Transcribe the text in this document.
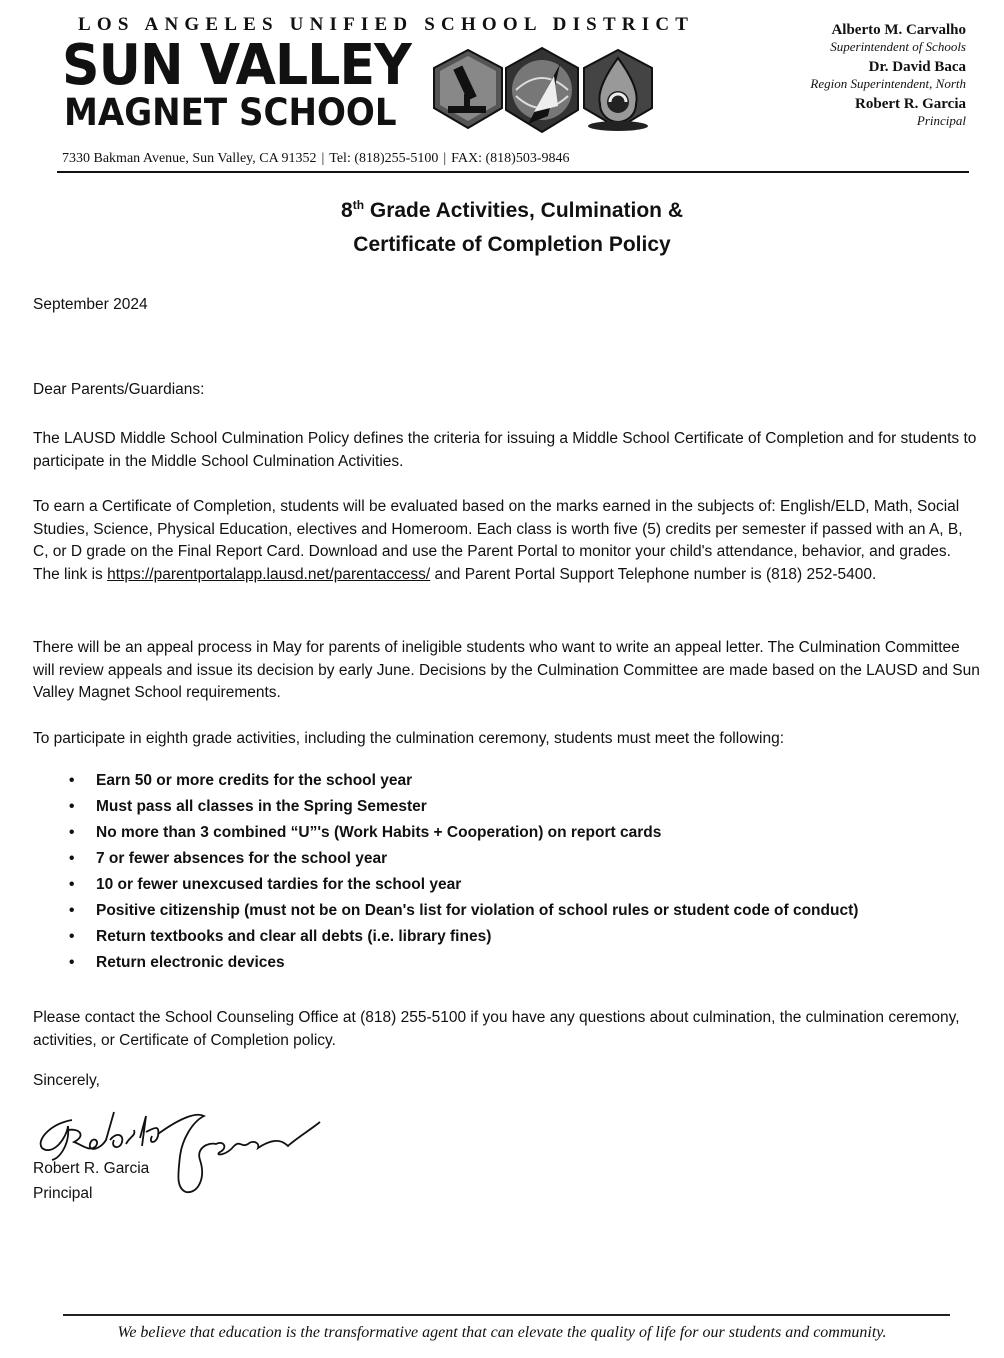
LOS ANGELES UNIFIED SCHOOL DISTRICT
SUN VALLEY
MAGNET SCHOOL
7330 Bakman Avenue, Sun Valley, CA 91352 | Tel: (818)255-5100 | FAX: (818)503-9846
Alberto M. Carvalho
Superintendent of Schools
Dr. David Baca
Region Superintendent, North
Robert R. Garcia
Principal
8th Grade Activities, Culmination &
Certificate of Completion Policy
September 2024
Dear Parents/Guardians:
The LAUSD Middle School Culmination Policy defines the criteria for issuing a Middle School Certificate of Completion and for students to participate in the Middle School Culmination Activities.
To earn a Certificate of Completion, students will be evaluated based on the marks earned in the subjects of: English/ELD, Math, Social Studies, Science, Physical Education, electives and Homeroom. Each class is worth five (5) credits per semester if passed with an A, B, C, or D grade on the Final Report Card. Download and use the Parent Portal to monitor your child's attendance, behavior, and grades. The link is https://parentportalapp.lausd.net/parentaccess/ and Parent Portal Support Telephone number is (818) 252-5400.
There will be an appeal process in May for parents of ineligible students who want to write an appeal letter. The Culmination Committee will review appeals and issue its decision by early June. Decisions by the Culmination Committee are made based on the LAUSD and Sun Valley Magnet School requirements.
To participate in eighth grade activities, including the culmination ceremony, students must meet the following:
• Earn 50 or more credits for the school year
• Must pass all classes in the Spring Semester
• No more than 3 combined “U”'s (Work Habits + Cooperation) on report cards
• 7 or fewer absences for the school year
• 10 or fewer unexcused tardies for the school year
• Positive citizenship (must not be on Dean's list for violation of school rules or student code of conduct)
• Return textbooks and clear all debts (i.e. library fines)
• Return electronic devices
Please contact the School Counseling Office at (818) 255-5100 if you have any questions about culmination, the culmination ceremony, activities, or Certificate of Completion policy.
Sincerely,
Robert R. Garcia
Principal
We believe that education is the transformative agent that can elevate the quality of life for our students and community.
